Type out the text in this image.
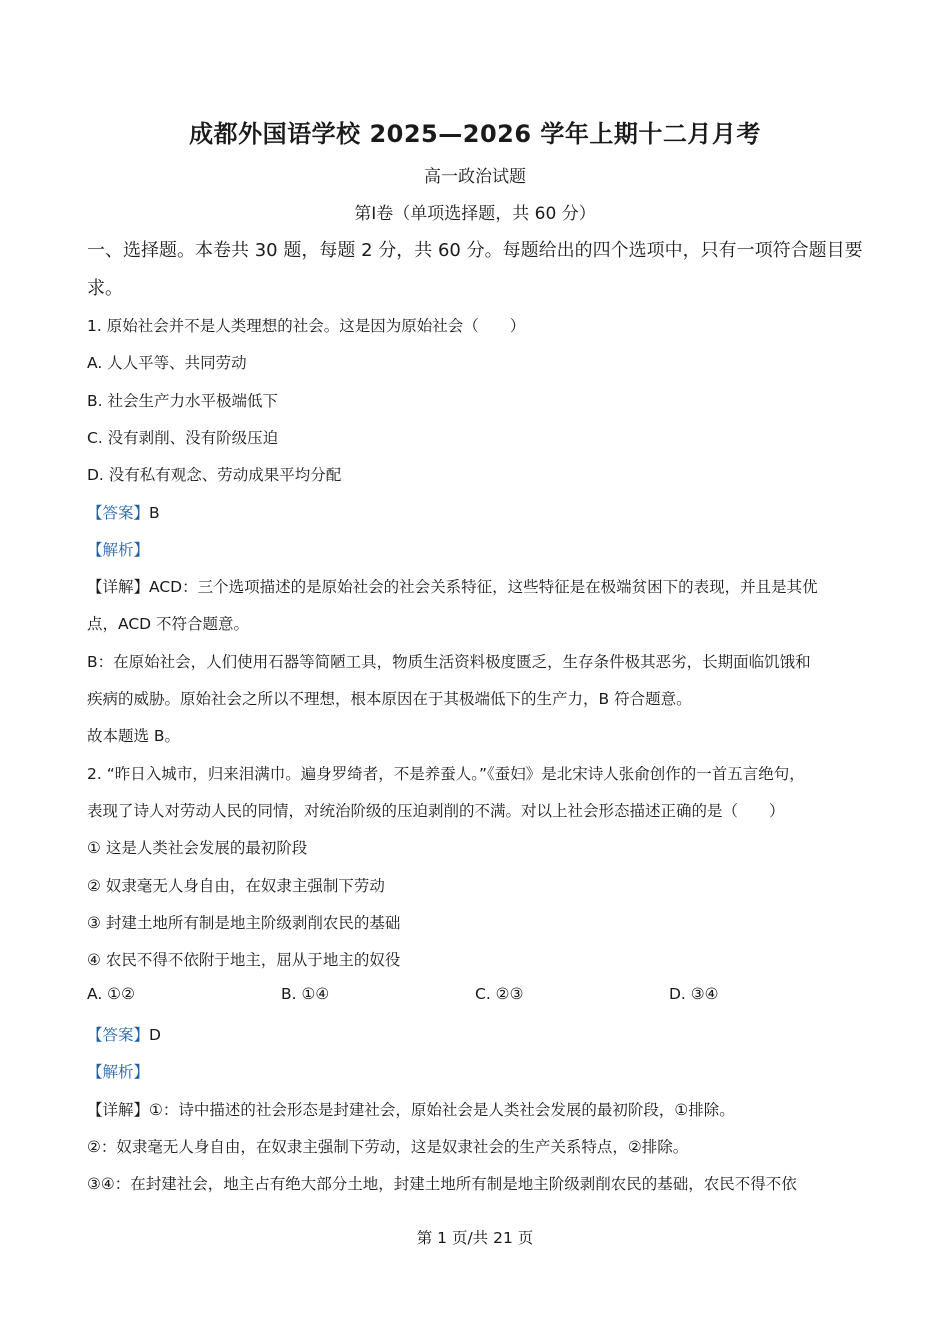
成都外国语学校 2025—2026 学年上期十二月月考
高一政治试题
第Ⅰ卷（单项选择题，共 60 分）
一、选择题。本卷共 30 题，每题 2 分，共 60 分。每题给出的四个选项中，只有一项符合题目要求。
1. 原始社会并不是人类理想的社会。这是因为原始社会（　　）
A. 人人平等、共同劳动
B. 社会生产力水平极端低下
C. 没有剥削、没有阶级压迫
D. 没有私有观念、劳动成果平均分配
【答案】B
【解析】
【详解】ACD：三个选项描述的是原始社会的社会关系特征，这些特征是在极端贫困下的表现，并且是其优
点，ACD 不符合题意。
B：在原始社会，人们使用石器等简陋工具，物质生活资料极度匮乏，生存条件极其恶劣，长期面临饥饿和
疾病的威胁。原始社会之所以不理想，根本原因在于其极端低下的生产力，B 符合题意。
故本题选 B。
2. “昨日入城市，归来泪满巾。遍身罗绮者，不是养蚕人。”《蚕妇》是北宋诗人张俞创作的一首五言绝句，
表现了诗人对劳动人民的同情，对统治阶级的压迫剥削的不满。对以上社会形态描述正确的是（　　）
① 这是人类社会发展的最初阶段
② 奴隶毫无人身自由，在奴隶主强制下劳动
③ 封建土地所有制是地主阶级剥削农民的基础
④ 农民不得不依附于地主，屈从于地主的奴役
A. ①②	B. ①④	C. ②③	D. ③④
【答案】D
【解析】
【详解】①：诗中描述的社会形态是封建社会，原始社会是人类社会发展的最初阶段，①排除。
②：奴隶毫无人身自由，在奴隶主强制下劳动，这是奴隶社会的生产关系特点，②排除。
③④：在封建社会，地主占有绝大部分土地，封建土地所有制是地主阶级剥削农民的基础，农民不得不依
第 1 页/共 21 页
